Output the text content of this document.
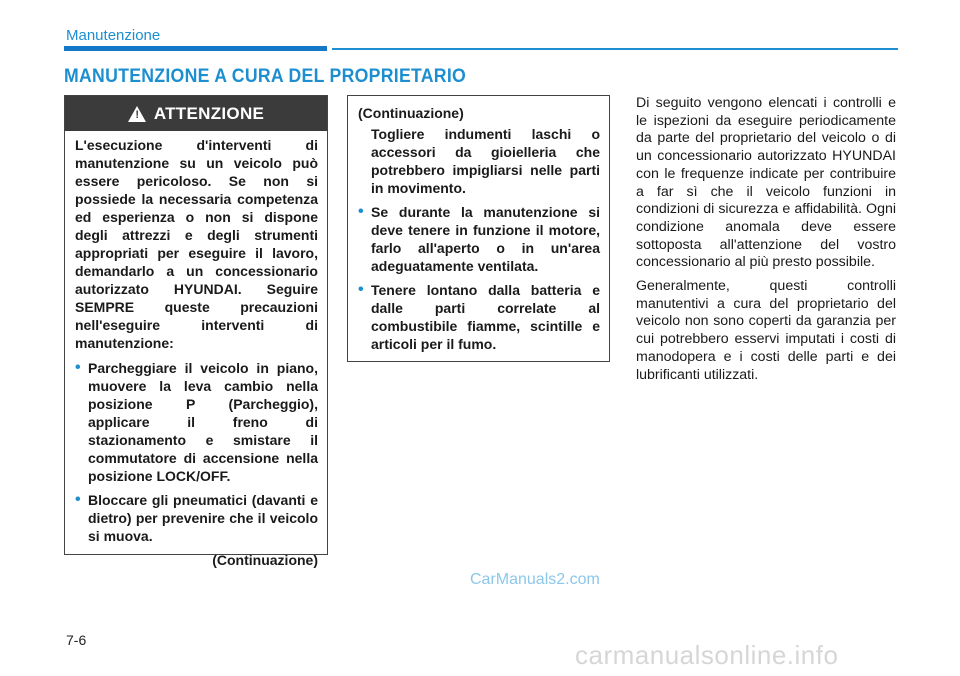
Manutenzione
MANUTENZIONE A CURA DEL PROPRIETARIO
! ATTENZIONE
L'esecuzione d'interventi di manutenzione su un veicolo può essere pericoloso. Se non si possiede la necessaria competenza ed esperienza o non si dispone degli attrezzi e degli strumenti appropriati per eseguire il lavoro, demandarlo a un concessionario autorizzato HYUNDAI. Seguire SEMPRE queste precauzioni nell'eseguire interventi di manutenzione:
• Parcheggiare il veicolo in piano, muovere la leva cambio nella posizione P (Parcheggio), applicare il freno di stazionamento e smistare il commutatore di accensione nella posizione LOCK/OFF.
• Bloccare gli pneumatici (davanti e dietro) per prevenire che il veicolo si muova.
(Continuazione)
(Continuazione)
Togliere indumenti laschi o accessori da gioielleria che potrebbero impigliarsi nelle parti in movimento.
• Se durante la manutenzione si deve tenere in funzione il motore, farlo all'aperto o in un'area adeguatamente ventilata.
• Tenere lontano dalla batteria e dalle parti correlate al combustibile fiamme, scintille e articoli per il fumo.

Di seguito vengono elencati i controlli e le ispezioni da eseguire periodicamente da parte del proprietario del veicolo o di un concessionario autorizzato HYUNDAI con le frequenze indicate per contribuire a far sì che il veicolo funzioni in condizioni di sicurezza e affidabilità. Ogni condizione anomala deve essere sottoposta all'attenzione del vostro concessionario al più presto possibile.

Generalmente, questi controlli manutentivi a cura del proprietario del veicolo non sono coperti da garanzia per cui potrebbero esservi imputati i costi di manodopera e i costi delle parti e dei lubrificanti utilizzati.

CarManuals2.com
7-6	carmanualsonline.info
